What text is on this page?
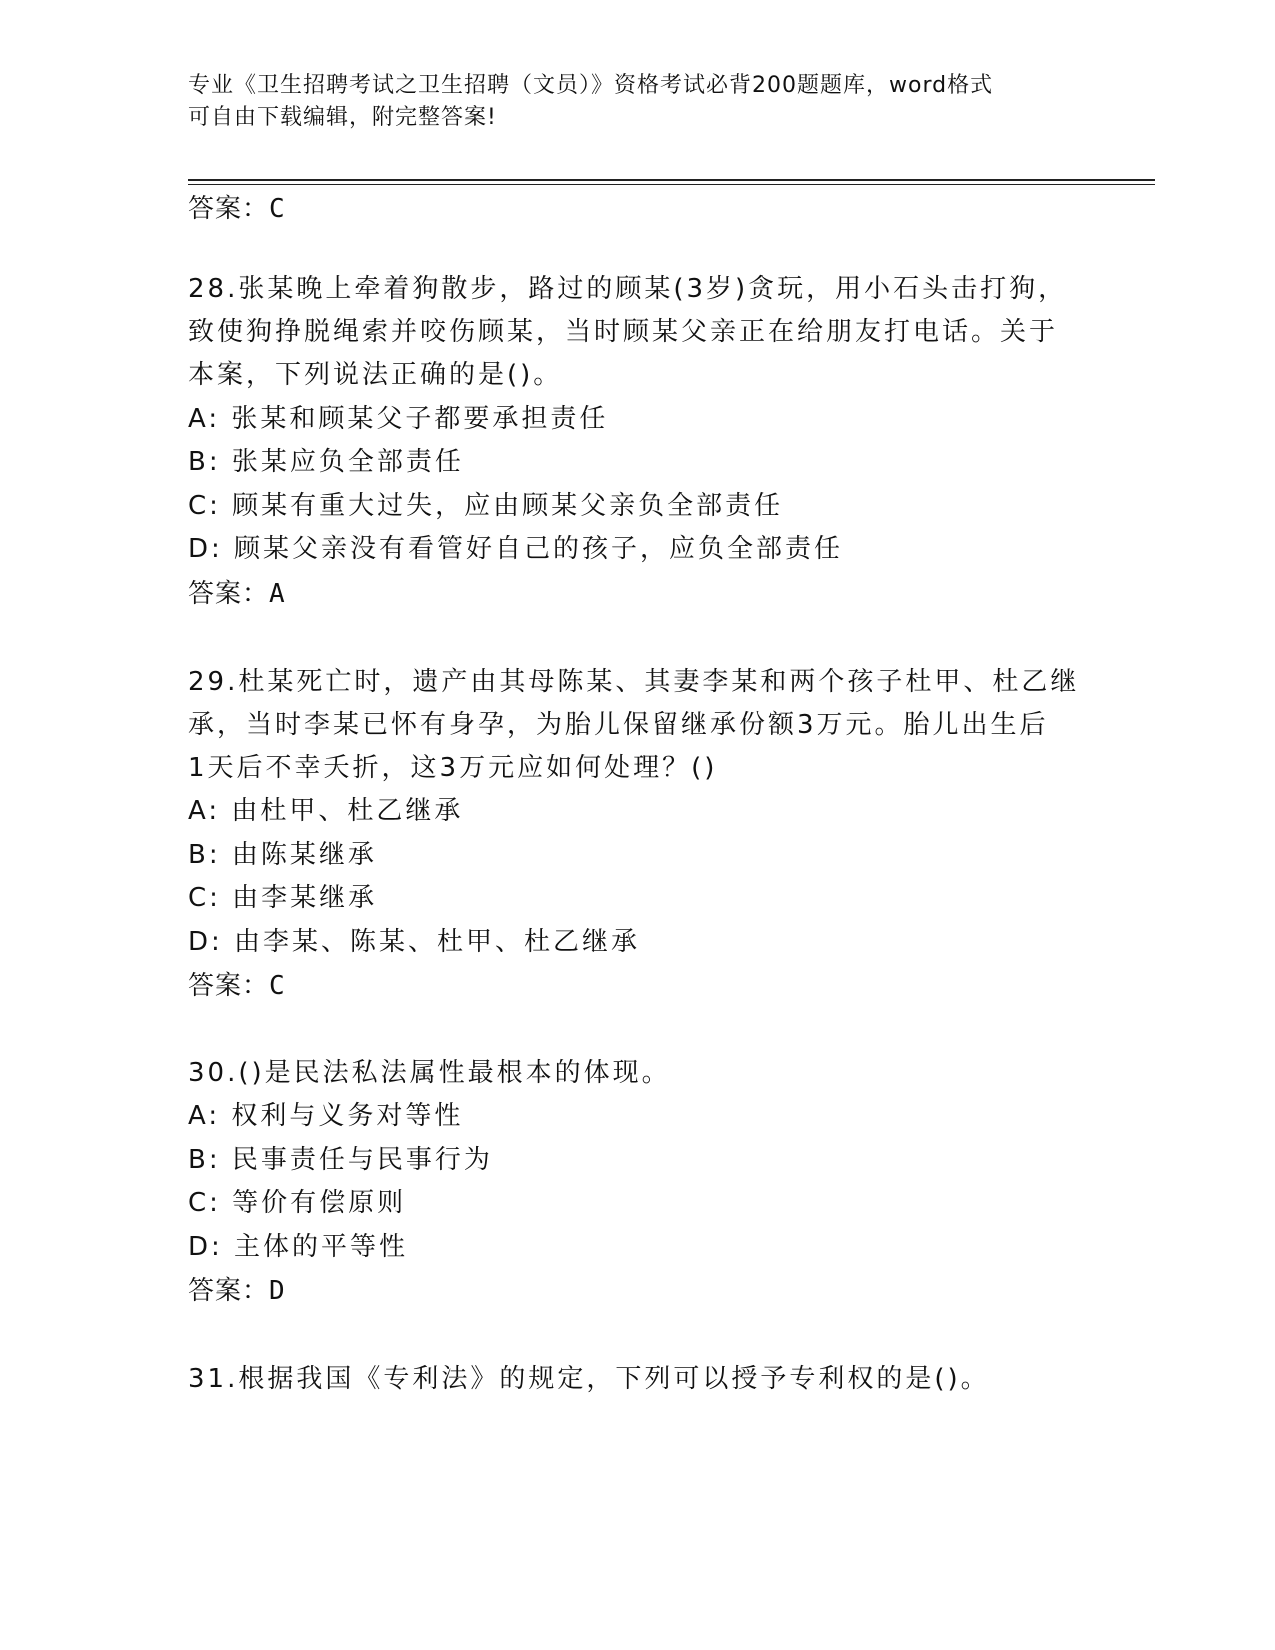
专业《卫生招聘考试之卫生招聘（文员）》资格考试必背200题题库，word格式
可自由下载编辑，附完整答案!
答案：C
28.张某晚上牵着狗散步，路过的顾某(3岁)贪玩，用小石头击打狗，
致使狗挣脱绳索并咬伤顾某，当时顾某父亲正在给朋友打电话。关于
本案，下列说法正确的是()。
A: 张某和顾某父子都要承担责任
B: 张某应负全部责任
C: 顾某有重大过失，应由顾某父亲负全部责任
D: 顾某父亲没有看管好自己的孩子，应负全部责任
答案：A
29.杜某死亡时，遗产由其母陈某、其妻李某和两个孩子杜甲、杜乙继
承，当时李某已怀有身孕，为胎儿保留继承份额3万元。胎儿出生后
1天后不幸夭折，这3万元应如何处理？()
A: 由杜甲、杜乙继承
B: 由陈某继承
C: 由李某继承
D: 由李某、陈某、杜甲、杜乙继承
答案：C
30.()是民法私法属性最根本的体现。
A: 权利与义务对等性
B: 民事责任与民事行为
C: 等价有偿原则
D: 主体的平等性
答案：D
31.根据我国《专利法》的规定，下列可以授予专利权的是()。
